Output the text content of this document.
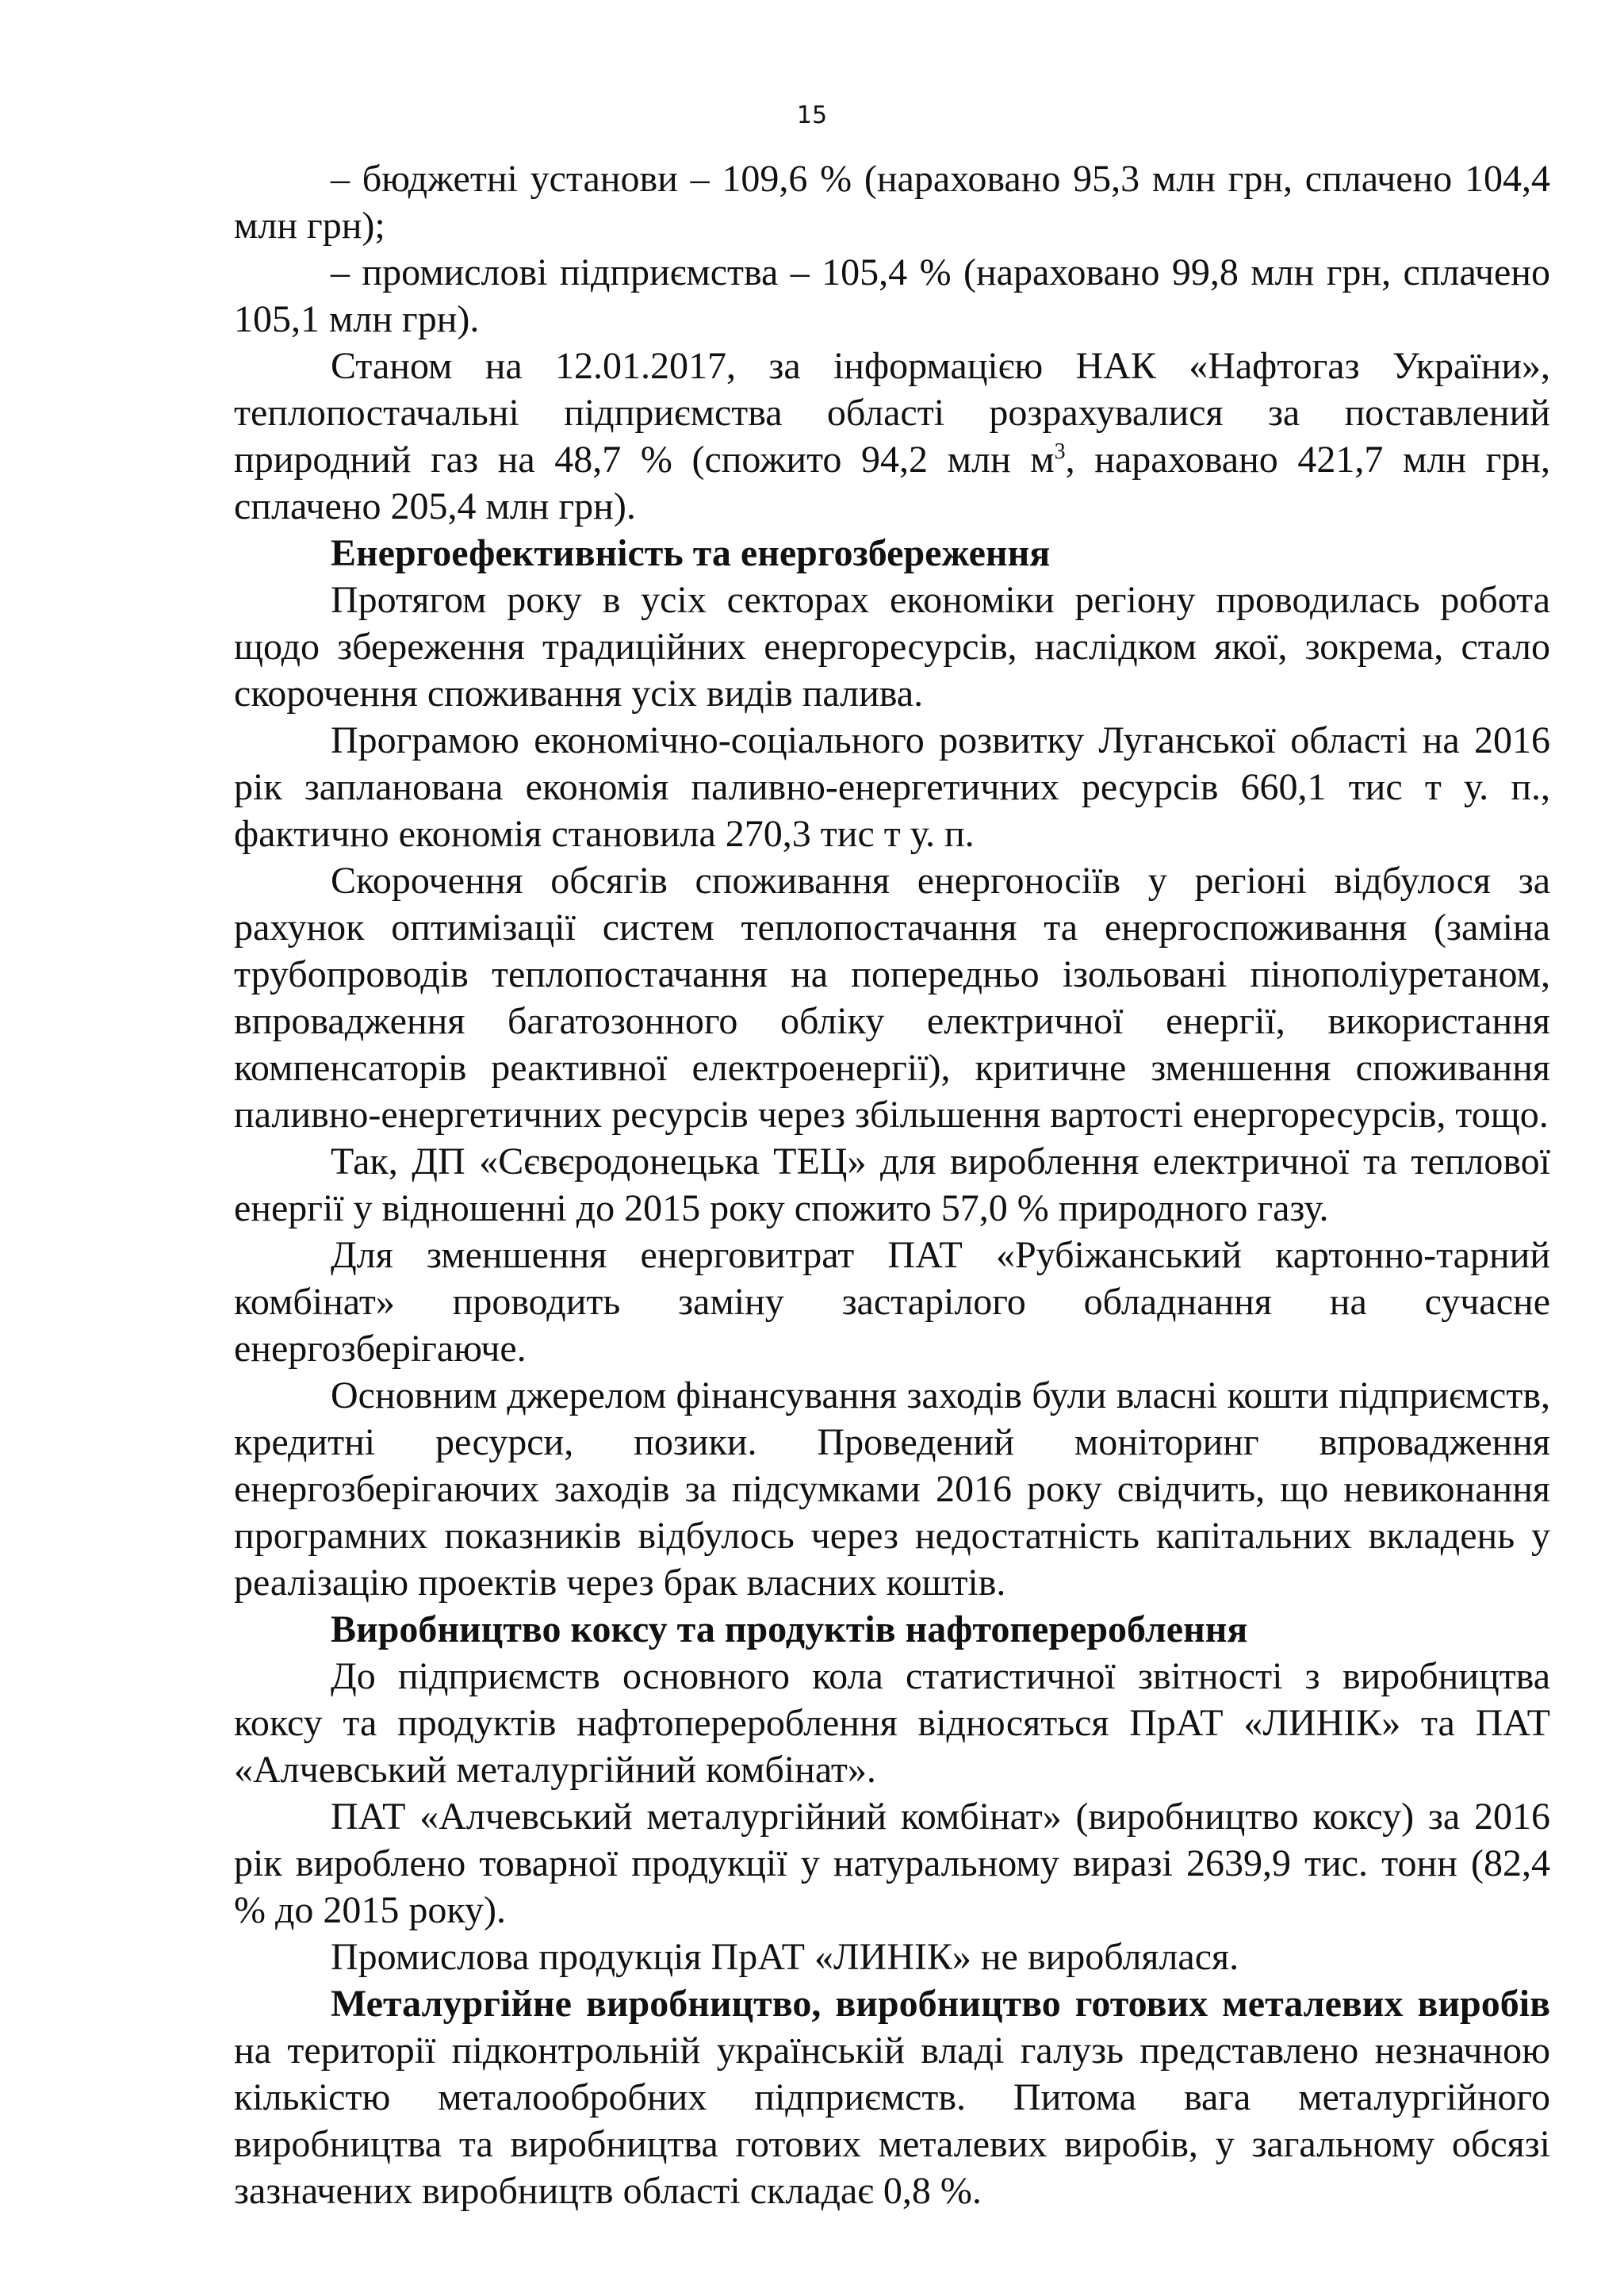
15

– бюджетні установи – 109,6 % (нараховано 95,3 млн грн, сплачено 104,4 млн грн);

– промислові підприємства – 105,4 % (нараховано 99,8 млн грн, сплачено 105,1 млн грн).

Станом на 12.01.2017, за інформацією НАК «Нафтогаз України», теплопостачальні підприємства області розрахувалися за поставлений природний газ на 48,7 % (спожито 94,2 млн $м^3$, нараховано 421,7 млн грн, сплачено 205,4 млн грн).

Енергоефективність та енергозбереження

Протягом року в усіх секторах економіки регіону проводилась робота щодо збереження традиційних енергоресурсів, наслідком якої, зокрема, стало скорочення споживання усіх видів палива.

Програмою економічно-соціального розвитку Луганської області на 2016 рік запланована економія паливно-енергетичних ресурсів 660,1 тис т у. п., фактично економія становила 270,3 тис т у. п.

Скорочення обсягів споживання енергоносіїв у регіоні відбулося за рахунок оптимізації систем теплопостачання та енергоспоживання (заміна трубопроводів теплопостачання на попередньо ізольовані пінополіуретаном, впровадження багатозонного обліку електричної енергії, використання компенсаторів реактивної електроенергії), критичне зменшення споживання паливно-енергетичних ресурсів через збільшення вартості енергоресурсів, тощо.

Так, ДП «Сєвєродонецька ТЕЦ» для вироблення електричної та теплової енергії у відношенні до 2015 року спожито 57,0 % природного газу.

Для зменшення енерговитрат ПАТ «Рубіжанський картонно-тарний комбінат» проводить заміну застарілого обладнання на сучасне енергозберігаюче.

Основним джерелом фінансування заходів були власні кошти підприємств, кредитні ресурси, позики. Проведений моніторинг впровадження енергозберігаючих заходів за підсумками 2016 року свідчить, що невиконання програмних показників відбулось через недостатність капітальних вкладень у реалізацію проектів через брак власних коштів.

Виробництво коксу та продуктів нафтоперероблення

До підприємств основного кола статистичної звітності з виробництва коксу та продуктів нафтоперероблення відносяться ПрАТ «ЛИНІК» та ПАТ «Алчевський металургійний комбінат».

ПАТ «Алчевський металургійний комбінат» (виробництво коксу) за 2016 рік вироблено товарної продукції у натуральному виразі 2639,9 тис. тонн (82,4 % до 2015 року).

Промислова продукція ПрАТ «ЛИНІК» не вироблялася.

Металургійне виробництво, виробництво готових металевих виробів на території підконтрольній українській владі галузь представлено незначною кількістю металообробних підприємств. Питома вага металургійного виробництва та виробництва готових металевих виробів, у загальному обсязі зазначених виробництв області складає 0,8 %.
